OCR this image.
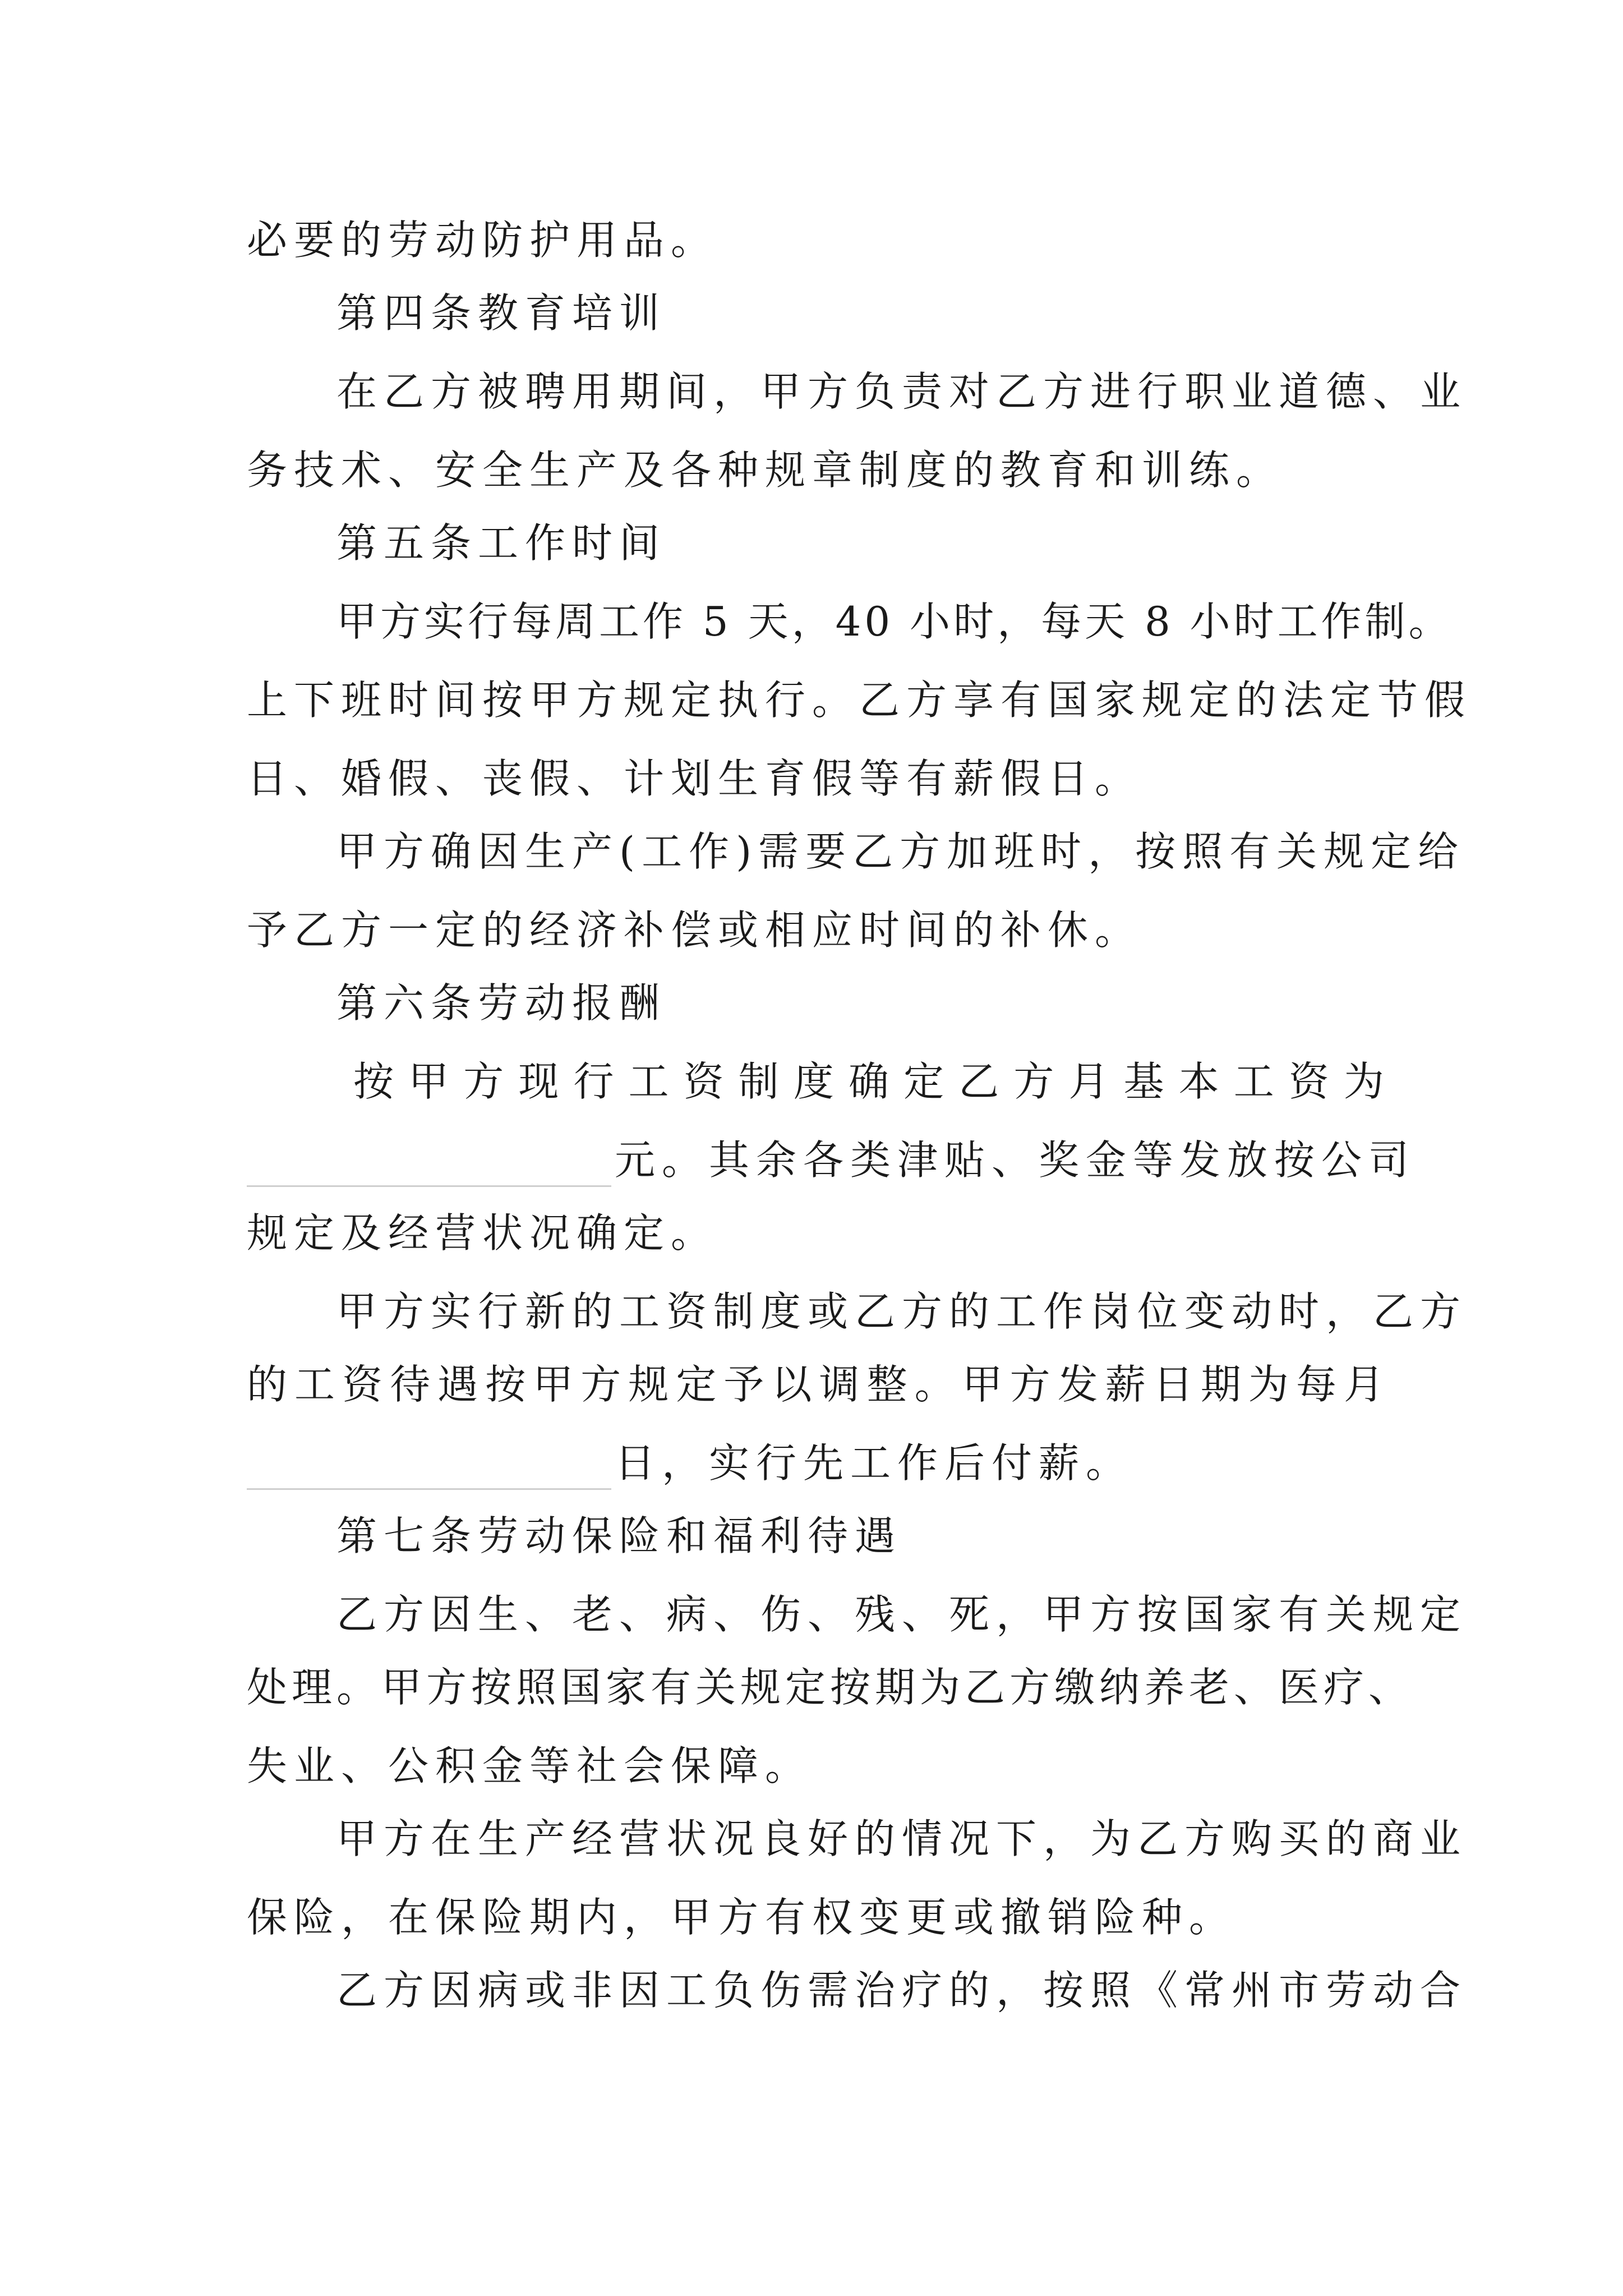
必要的劳动防护用品。
第四条教育培训
在乙方被聘用期间，甲方负责对乙方进行职业道德、业
务技术、安全生产及各种规章制度的教育和训练。
第五条工作时间
甲方实行每周工作 5 天，40 小时，每天 8 小时工作制。
上下班时间按甲方规定执行。乙方享有国家规定的法定节假
日、婚假、丧假、计划生育假等有薪假日。
甲方确因生产(工作)需要乙方加班时，按照有关规定给
予乙方一定的经济补偿或相应时间的补休。
第六条劳动报酬
按甲方现行工资制度确定乙方月基本工资为
元。其余各类津贴、奖金等发放按公司
规定及经营状况确定。
甲方实行新的工资制度或乙方的工作岗位变动时，乙方
的工资待遇按甲方规定予以调整。甲方发薪日期为每月
日，实行先工作后付薪。
第七条劳动保险和福利待遇
乙方因生、老、病、伤、残、死，甲方按国家有关规定
处理。甲方按照国家有关规定按期为乙方缴纳养老、医疗、
失业、公积金等社会保障。
甲方在生产经营状况良好的情况下，为乙方购买的商业
保险，在保险期内，甲方有权变更或撤销险种。
乙方因病或非因工负伤需治疗的，按照《常州市劳动合
